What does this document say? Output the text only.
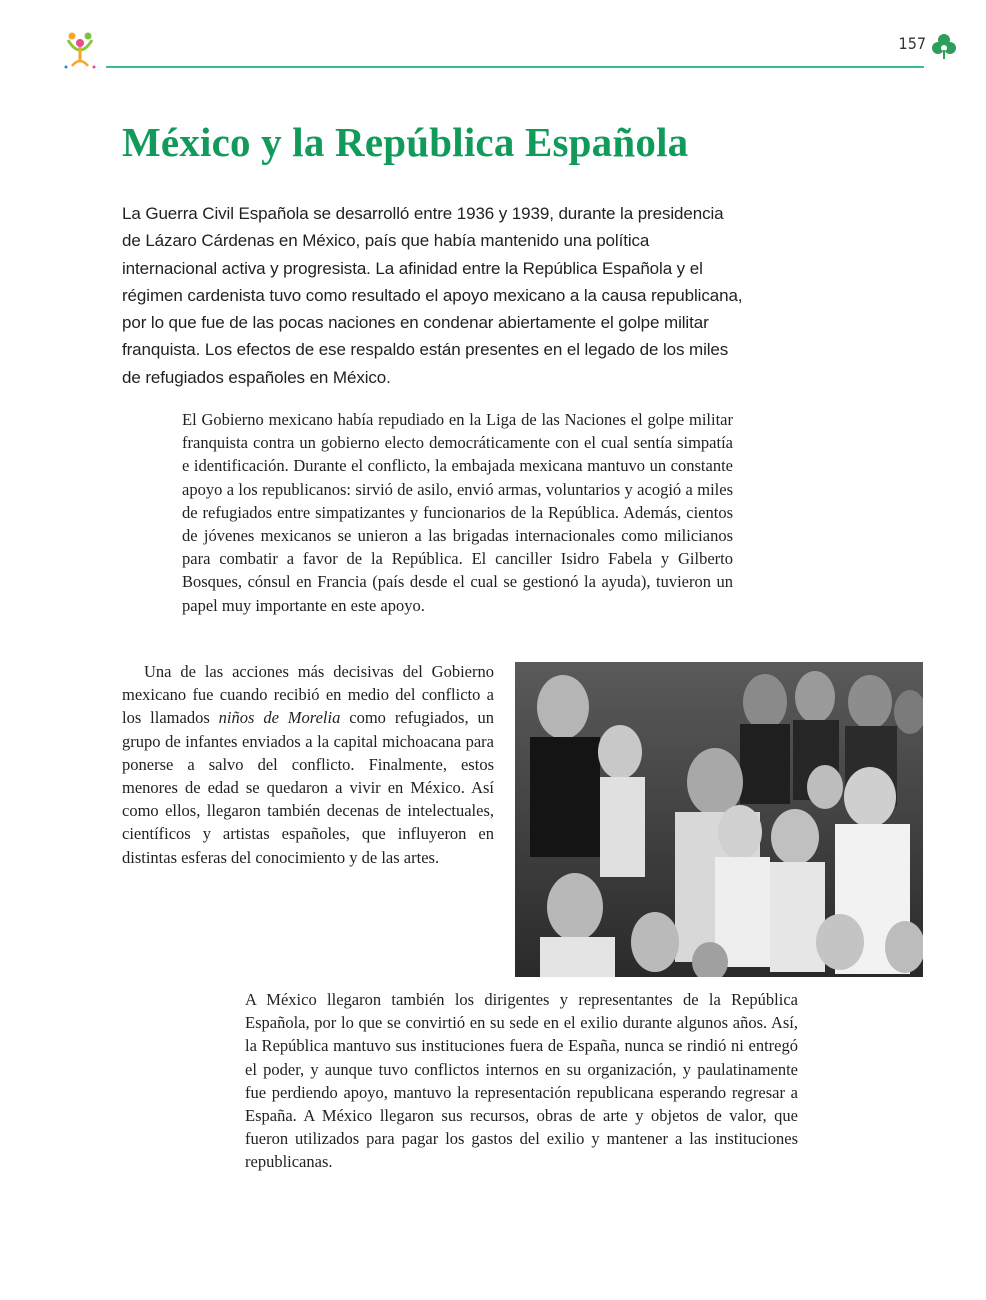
157
México y la República Española

La Guerra Civil Española se desarrolló entre 1936 y 1939, durante la presidencia de Lázaro Cárdenas en México, país que había mantenido una política internacional activa y progresista. La afinidad entre la República Española y el régimen cardenista tuvo como resultado el apoyo mexicano a la causa republicana, por lo que fue de las pocas naciones en condenar abiertamente el golpe militar franquista. Los efectos de ese respaldo están presentes en el legado de los miles de refugiados españoles en México.

El Gobierno mexicano había repudiado en la Liga de las Naciones el golpe militar franquista contra un gobierno electo democráticamente con el cual sentía simpatía e identificación. Durante el conflicto, la embajada mexicana mantuvo un constante apoyo a los republicanos: sirvió de asilo, envió armas, voluntarios y acogió a miles de refugiados entre simpatizantes y funcionarios de la República. Además, cientos de jóvenes mexicanos se unieron a las brigadas internacionales como milicianos para combatir a favor de la República. El canciller Isidro Fabela y Gilberto Bosques, cónsul en Francia (país desde el cual se gestionó la ayuda), tuvieron un papel muy importante en este apoyo.

Una de las acciones más decisivas del Gobierno mexicano fue cuando recibió en medio del conflicto a los llamados niños de Morelia como refugiados, un grupo de infantes enviados a la capital michoacana para ponerse a salvo del conflicto. Finalmente, estos menores de edad se quedaron a vivir en México. Así como ellos, llegaron también decenas de intelectuales, científicos y artistas españoles, que influyeron en distintas esferas del conocimiento y de las artes.

A México llegaron también los dirigentes y representantes de la República Española, por lo que se convirtió en su sede en el exilio durante algunos años. Así, la República mantuvo sus instituciones fuera de España, nunca se rindió ni entregó el poder, y aunque tuvo conflictos internos en su organización, y paulatinamente fue perdiendo apoyo, mantuvo la representación republicana esperando regresar a España. A México llegaron sus recursos, obras de arte y objetos de valor, que fueron utilizados para pagar los gastos del exilio y mantener a las instituciones republicanas.
